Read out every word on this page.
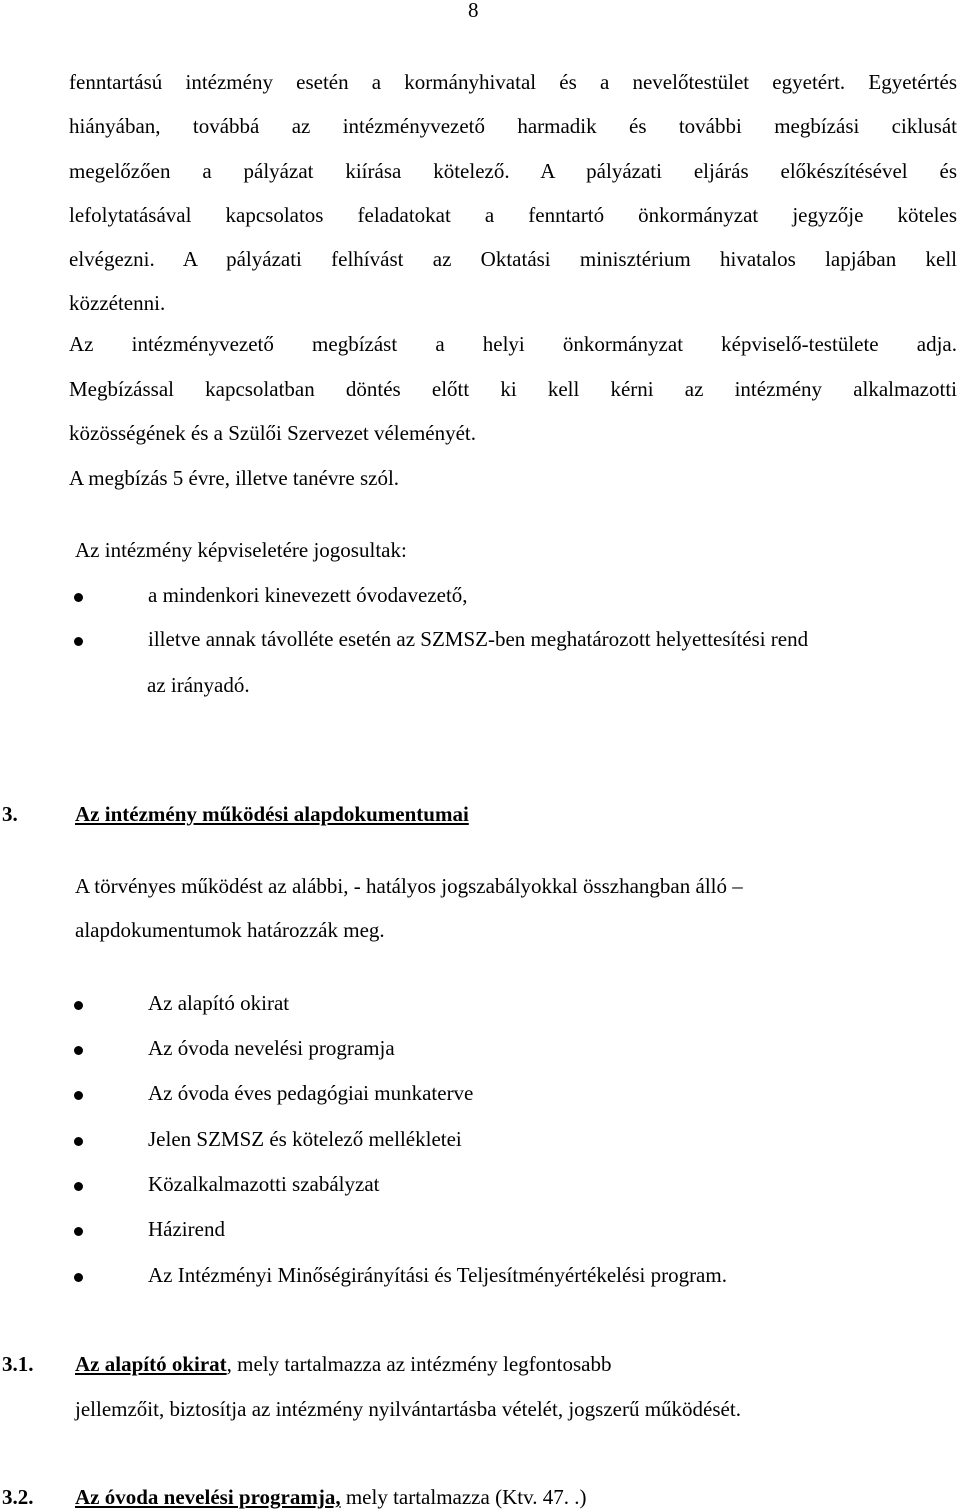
8
fenntartású intézmény esetén a kormányhivatal és a nevelőtestület egyetért. Egyetértés
hiányában, továbbá az intézményvezető harmadik és további megbízási ciklusát
megelőzően a pályázat kiírása kötelező. A pályázati eljárás előkészítésével és
lefolytatásával kapcsolatos feladatokat a fenntartó önkormányzat jegyzője köteles
elvégezni. A pályázati felhívást az Oktatási minisztérium hivatalos lapjában kell
közzétenni.
Az intézményvezető megbízást a helyi önkormányzat képviselő-testülete adja.
Megbízással kapcsolatban döntés előtt ki kell kérni az intézmény alkalmazotti
közösségének és a Szülői Szervezet véleményét.
A megbízás 5 évre, illetve tanévre szól.
Az intézmény képviseletére jogosultak:
a mindenkori kinevezett óvodavezető,
illetve annak távolléte esetén az SZMSZ-ben meghatározott helyettesítési rend
az irányadó.
3.	Az intézmény működési alapdokumentumai
A törvényes működést az alábbi, - hatályos jogszabályokkal összhangban álló –
alapdokumentumok határozzák meg.
Az alapító okirat
Az óvoda nevelési programja
Az óvoda éves pedagógiai munkaterve
Jelen SZMSZ és kötelező mellékletei
Közalkalmazotti szabályzat
Házirend
Az Intézményi Minőségirányítási és Teljesítményértékelési program.
3.1. Az alapító okirat, mely tartalmazza az intézmény legfontosabb
jellemzőit, biztosítja az intézmény nyilvántartásba vételét, jogszerű működését.
3.2. Az óvoda nevelési programja, mely tartalmazza (Ktv. 47. .)
